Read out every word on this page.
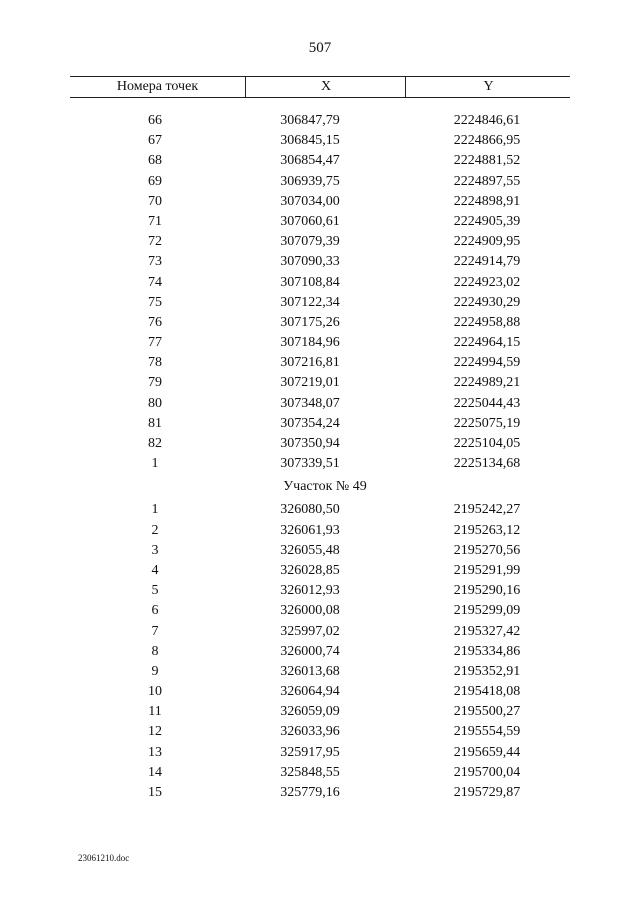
507
Номера точек	X	Y
66	306847,79	2224846,61
67	306845,15	2224866,95
68	306854,47	2224881,52
69	306939,75	2224897,55
70	307034,00	2224898,91
71	307060,61	2224905,39
72	307079,39	2224909,95
73	307090,33	2224914,79
74	307108,84	2224923,02
75	307122,34	2224930,29
76	307175,26	2224958,88
77	307184,96	2224964,15
78	307216,81	2224994,59
79	307219,01	2224989,21
80	307348,07	2225044,43
81	307354,24	2225075,19
82	307350,94	2225104,05
1	307339,51	2225134,68
Участок № 49
1	326080,50	2195242,27
2	326061,93	2195263,12
3	326055,48	2195270,56
4	326028,85	2195291,99
5	326012,93	2195290,16
6	326000,08	2195299,09
7	325997,02	2195327,42
8	326000,74	2195334,86
9	326013,68	2195352,91
10	326064,94	2195418,08
11	326059,09	2195500,27
12	326033,96	2195554,59
13	325917,95	2195659,44
14	325848,55	2195700,04
15	325779,16	2195729,87
23061210.doc
